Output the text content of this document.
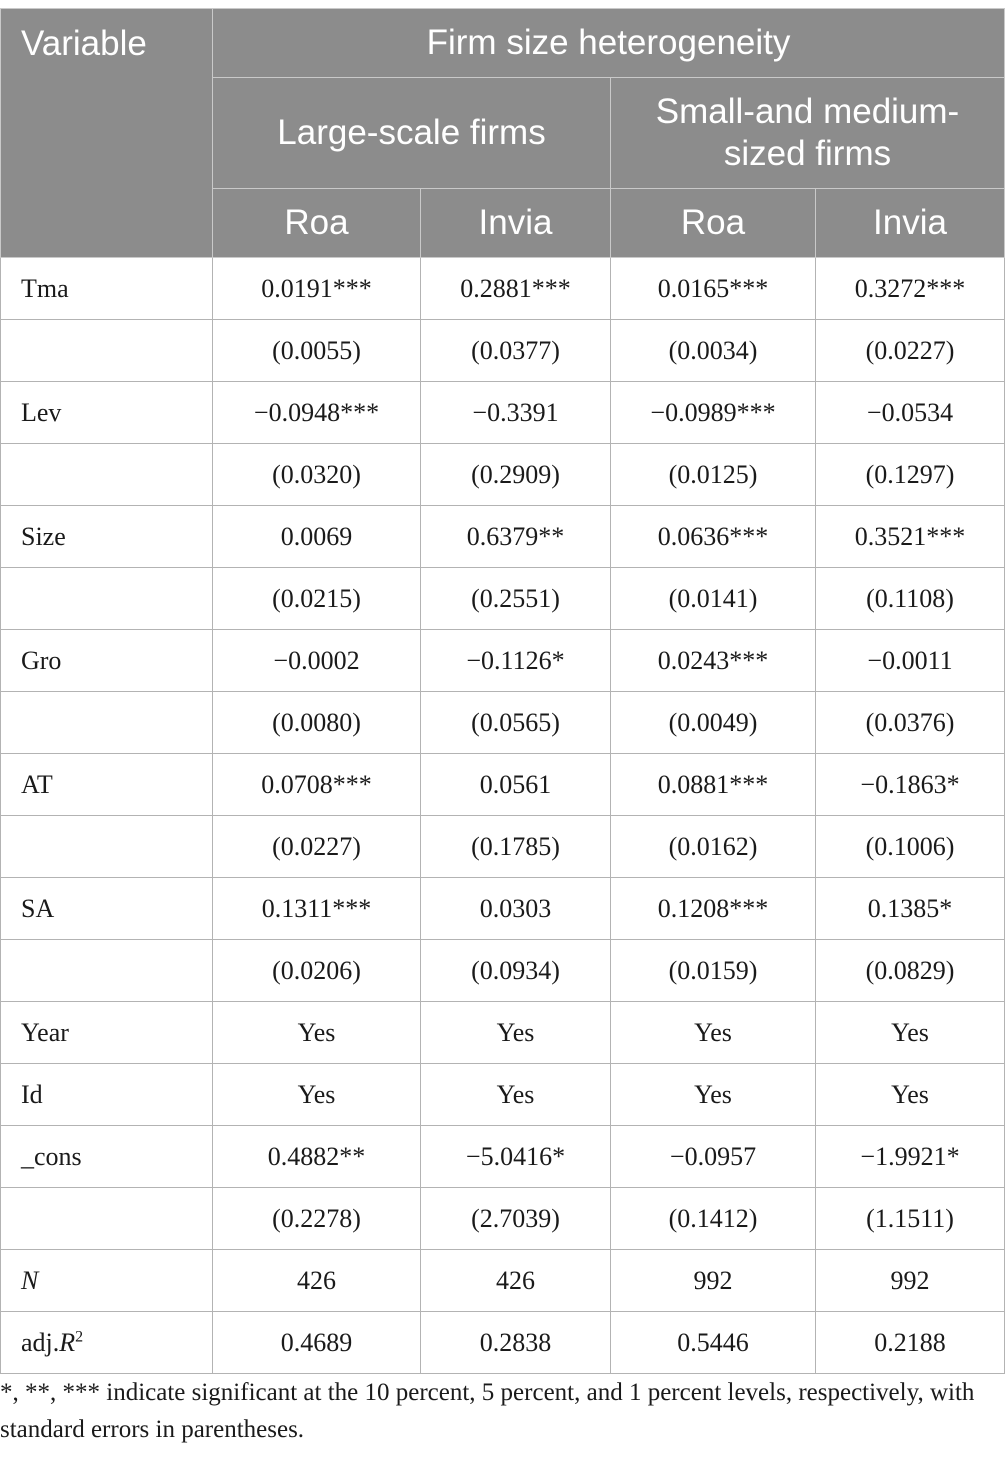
Variable	Firm size heterogeneity			
	Large-scale firms		Small-and medium-sized firms	
	Roa	Invia	Roa	Invia
Tma	0.0191***	0.2881***	0.0165***	0.3272***
	(0.0055)	(0.0377)	(0.0034)	(0.0227)
Lev	−0.0948***	−0.3391	−0.0989***	−0.0534
	(0.0320)	(0.2909)	(0.0125)	(0.1297)
Size	0.0069	0.6379**	0.0636***	0.3521***
	(0.0215)	(0.2551)	(0.0141)	(0.1108)
Gro	−0.0002	−0.1126*	0.0243***	−0.0011
	(0.0080)	(0.0565)	(0.0049)	(0.0376)
AT	0.0708***	0.0561	0.0881***	−0.1863*
	(0.0227)	(0.1785)	(0.0162)	(0.1006)
SA	0.1311***	0.0303	0.1208***	0.1385*
	(0.0206)	(0.0934)	(0.0159)	(0.0829)
Year	Yes	Yes	Yes	Yes
Id	Yes	Yes	Yes	Yes
_cons	0.4882**	−5.0416*	−0.0957	−1.9921*
	(0.2278)	(2.7039)	(0.1412)	(1.1511)
N	426	426	992	992
$adj.R^2$	0.4689	0.2838	0.5446	0.2188
*, **, *** indicate significant at the 10 percent, 5 percent, and 1 percent levels, respectively, with standard errors in parentheses.
